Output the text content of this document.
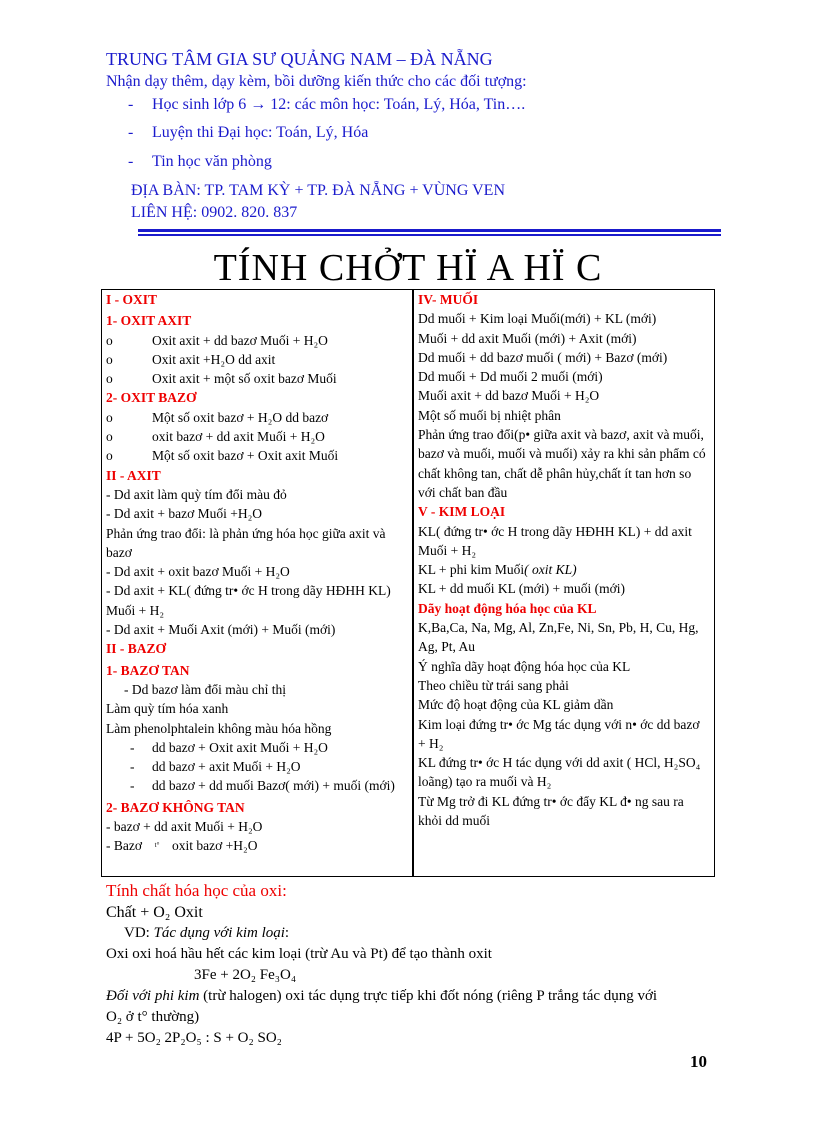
TRUNG TÂM GIA SƯ QUẢNG NAM – ĐÀ NẴNG
Nhận dạy thêm, dạy kèm, bồi dưỡng kiến thức cho các đối tượng:
- Học sinh lớp 6 → 12: các môn học: Toán, Lý, Hóa, Tin….
- Luyện thi Đại học: Toán, Lý, Hóa
- Tin học văn phòng
ĐỊA BÀN: TP. TAM KỲ + TP. ĐÀ NẴNG + VÙNG VEN
LIÊN HỆ: 0902. 820. 837
TÍNH CHỞT HÏ A HÏ C
I - OXIT
1- OXIT AXIT
o	Oxit axit + dd bazơ Muối + H₂O
o	Oxit axit +H₂O dd axit
o	Oxit axit + một số oxit bazơ Muối
2- OXIT BAZƠ
o	Một số oxit bazơ + H₂O dd bazơ
o	oxit bazơ + dd axit Muối + H₂O
o	Một số oxit bazơ + Oxit axit Muối
II - AXIT
- Dd axit làm quỳ tím đổi màu đỏ
- Dd axit + bazơ Muối +H₂O
Phản ứng trao đổi: là phản ứng hóa học giữa axit và bazơ
- Dd axit + oxit bazơ Muối + H₂O
- Dd axit + KL( đứng tr• ớc H trong dãy HĐHH KL) Muối + H₂
- Dd axit + Muối Axit (mới) + Muối (mới)
II - BAZƠ
1- BAZƠ TAN
- Dd bazơ làm đổi màu chỉ thị
Làm quỳ tím hóa xanh
Làm phenolphtalein không màu hóa hồng
- dd bazơ + Oxit axit Muối + H₂O
- dd bazơ + axit Muối + H₂O
-	dd bazơ + dd muối Bazơ( mới) + muối (mới)
2- BAZƠ KHÔNG TAN
- bazơ + dd axit Muối + H₂O
- Bazơ t° oxit bazơ +H₂O
IV- MUỐI
Dd muối + Kim loại Muối(mới) + KL (mới)
Muối + dd axit Muối (mới) + Axit (mới)
Dd muối + dd bazơ muối ( mới) + Bazơ (mới)
Dd muối + Dd muối 2 muối (mới)
Muối axit + dd bazơ Muối + H₂O
Một số muối bị nhiệt phân
Phản ứng trao đổi(p• giữa axit và bazơ, axit và muối, bazơ và muối, muối và muối) xảy ra khi sản phẩm có chất không tan, chất dễ phân hủy,chất ít tan hơn so với chất ban đầu
V - KIM LOẠI
KL( đứng tr• ớc H trong dãy HĐHH KL) + dd axit Muối + H₂
KL + phi kim Muối( oxit KL)
KL + dd muối KL (mới) + muối (mới)
Dãy hoạt động hóa học của KL
K,Ba,Ca, Na, Mg, Al, Zn,Fe, Ni, Sn, Pb, H, Cu, Hg, Ag, Pt, Au
Ý nghĩa dãy hoạt động hóa học của KL
Theo chiều từ trái sang phải
Mức độ hoạt động của KL giảm dần
Kim loại đứng tr• ớc Mg tác dụng với n• ớc dd bazơ + H₂
KL đứng tr• ớc H tác dụng với dd axit ( HCl, H₂SO₄ loãng) tạo ra muối và H₂
Từ Mg trở đi KL đứng tr• ớc đẩy KL đ• ng sau ra khỏi dd muối
Tính chất hóa học của oxi:
Chất + O₂ Oxit
VD: Tác dụng với kim loại:
Oxi oxi hoá hầu hết các kim loại (trừ Au và Pt) để tạo thành oxit
3Fe + 2O₂ Fe₃O₄
Đối với phi kim (trừ halogen) oxi tác dụng trực tiếp khi đốt nóng (riêng P trắng tác dụng với
O₂ ở t° thường)
4P + 5O₂ 2P₂O₅ : S + O₂ SO₂
10
